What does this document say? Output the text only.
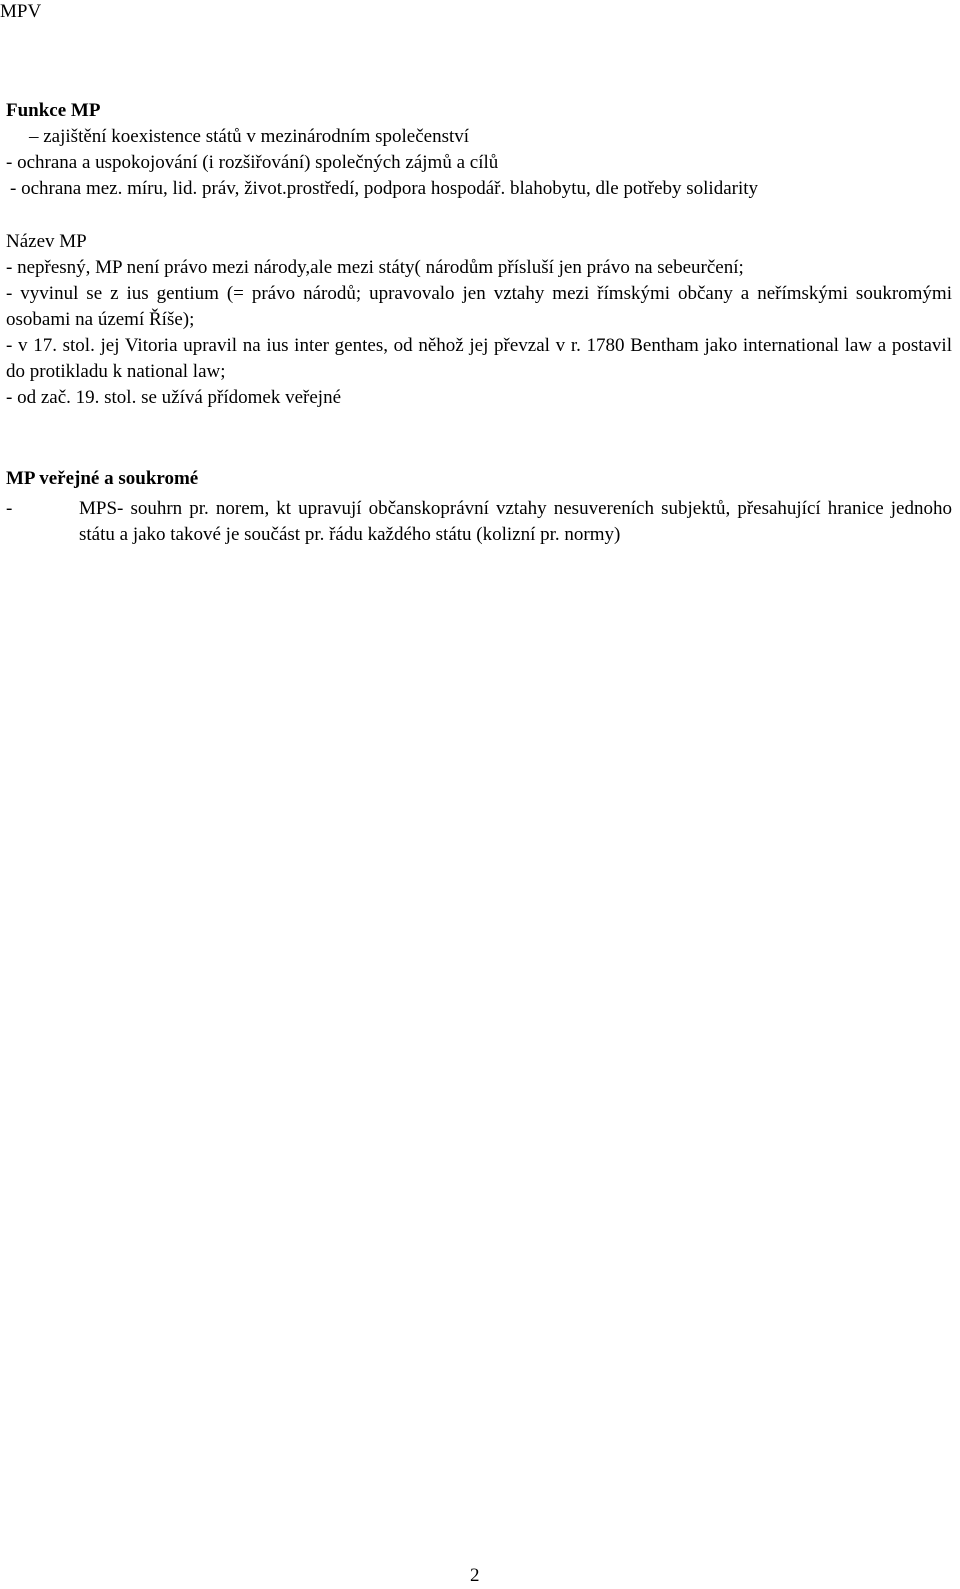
MPV
Funkce MP
– zajištění koexistence států v mezinárodním společenství
- ochrana a uspokojování (i rozšiřování) společných zájmů a cílů
- ochrana mez. míru, lid. práv, život.prostředí, podpora hospodář. blahobytu, dle potřeby solidarity
Název MP
- nepřesný, MP není právo mezi národy,ale mezi státy( národům přísluší jen právo na sebeurčení;
- vyvinul se z ius gentium (= právo národů; upravovalo jen vztahy mezi římskými občany a neřímskými soukromými osobami na území Říše);
- v 17. stol. jej Vitoria upravil na ius inter gentes, od něhož jej převzal v r. 1780 Bentham jako international law a postavil do protikladu k national law;
- od zač. 19. stol. se užívá přídomek veřejné
MP veřejné a soukromé
-	MPS- souhrn pr. norem, kt upravují občanskoprávní vztahy nesuvereních subjektů, přesahující hranice jednoho státu a jako takové je součást pr. řádu každého státu (kolizní pr. normy)
2
